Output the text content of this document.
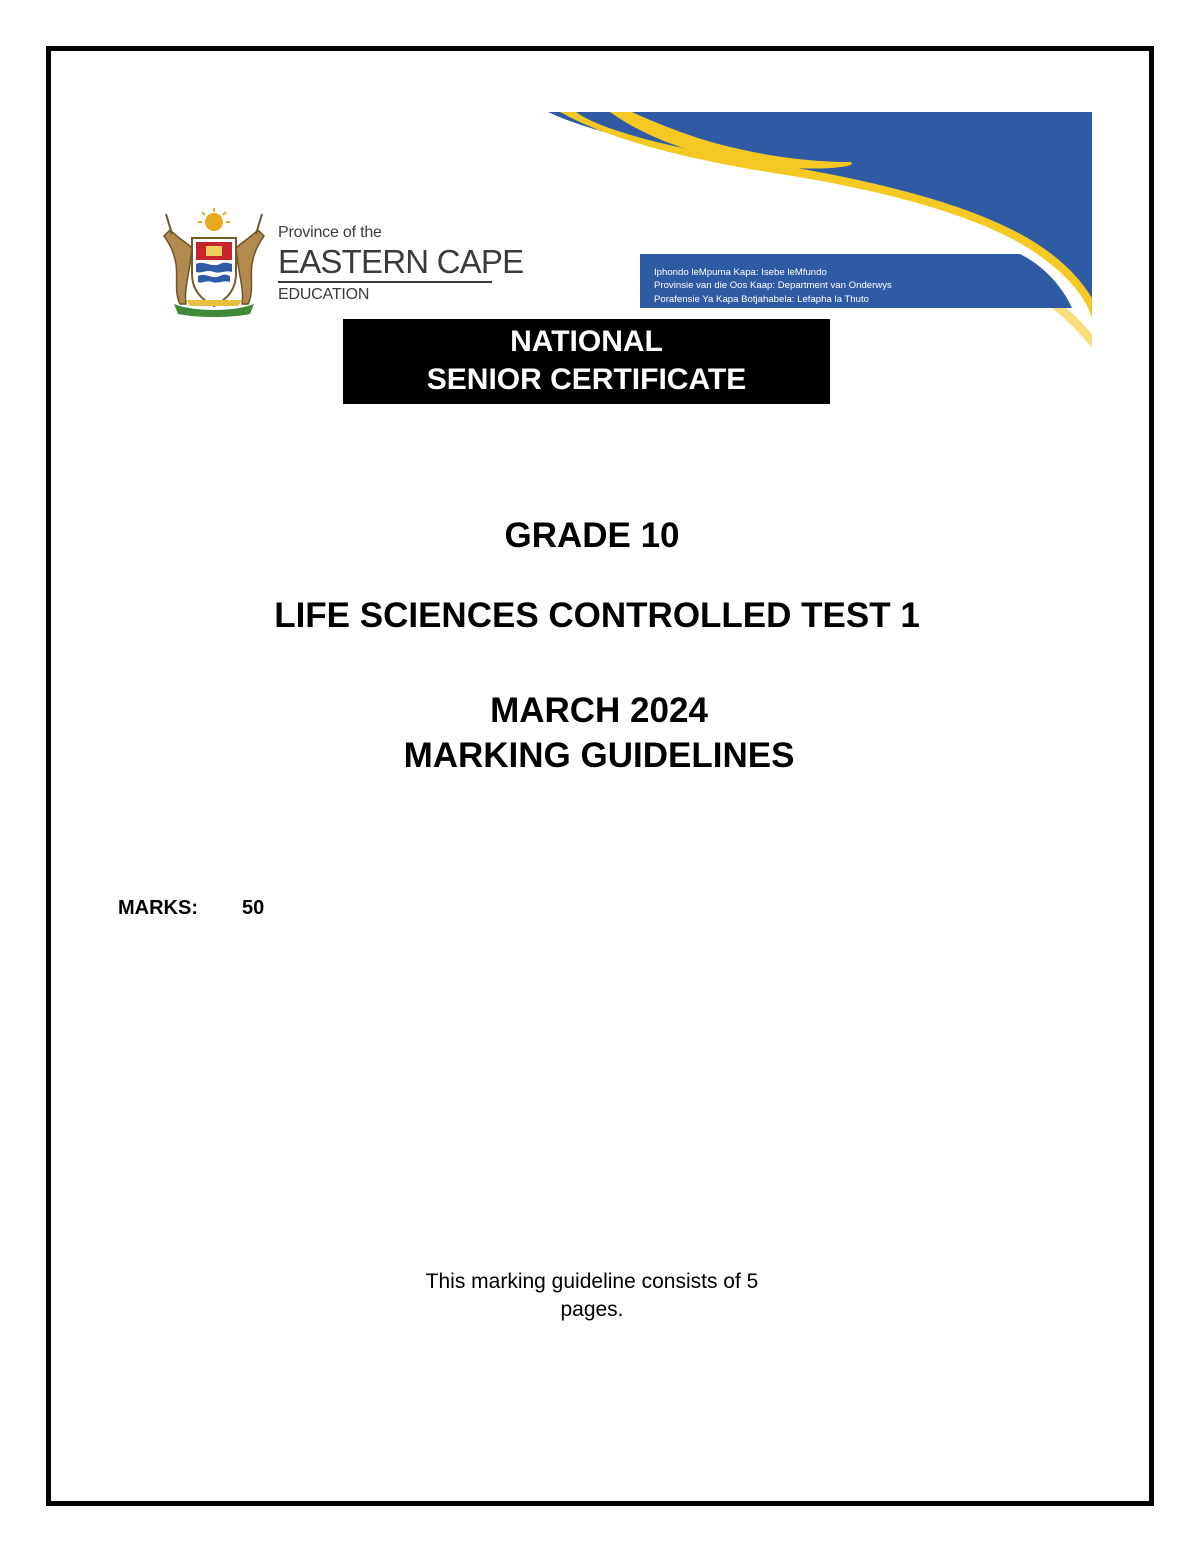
Iphondo leMpuma Kapa: Isebe leMfundo
Provinsie van die Oos Kaap: Department van Onderwys
Porafensie Ya Kapa Botjahabela: Lefapha la Thuto
Province of the
EASTERN CAPE
EDUCATION
NATIONAL
SENIOR CERTIFICATE
GRADE 10
LIFE SCIENCES CONTROLLED TEST 1
MARCH 2024
MARKING GUIDELINES
MARKS: 50
This marking guideline consists of 5
pages.
